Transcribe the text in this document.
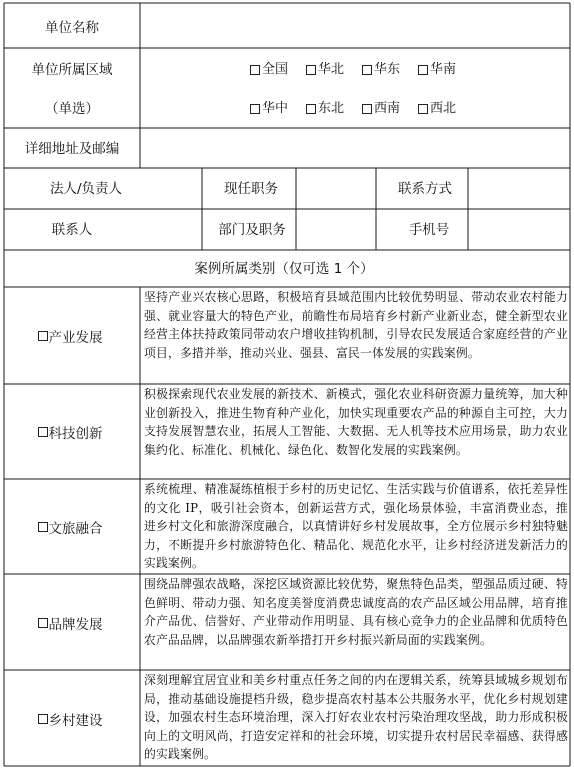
单位名称
单位所属区域
（单选）
全国 华北 华东 华南
华中 东北 西南 西北
详细地址及邮编
法人/负责人	现任职务	联系方式
联系人	部门及职务	手机号
案例所属类别（仅可选 1 个）
产业发展
坚持产业兴农核心思路，积极培育县域范围内比较优势明显、带动农业农村能力强、就业容量大的特色产业，前瞻性布局培育乡村新产业新业态，健全新型农业经营主体扶持政策同带动农户增收挂钩机制，引导农民发展适合家庭经营的产业项目，多措并举，推动兴业、强县、富民一体发展的实践案例。
科技创新
积极探索现代农业发展的新技术、新模式，强化农业科研资源力量统筹，加大种业创新投入，推进生物育种产业化，加快实现重要农产品的种源自主可控，大力支持发展智慧农业，拓展人工智能、大数据、无人机等技术应用场景，助力农业集约化、标准化、机械化、绿色化、数智化发展的实践案例。
文旅融合
系统梳理、精准凝练植根于乡村的历史记忆、生活实践与价值谱系，依托差异性的文化 IP，吸引社会资本，创新运营方式，强化场景体验，丰富消费业态，推进乡村文化和旅游深度融合，以真情讲好乡村发展故事，全方位展示乡村独特魅力，不断提升乡村旅游特色化、精品化、规范化水平，让乡村经济迸发新活力的实践案例。
品牌发展
围绕品牌强农战略，深挖区域资源比较优势，聚焦特色品类，塑强品质过硬、特色鲜明、带动力强、知名度美誉度消费忠诚度高的农产品区域公用品牌，培育推介产品优、信誉好、产业带动作用明显、具有核心竞争力的企业品牌和优质特色农产品品牌，以品牌强农新举措打开乡村振兴新局面的实践案例。
乡村建设
深刻理解宜居宜业和美乡村重点任务之间的内在逻辑关系，统筹县域城乡规划布局，推动基础设施提档升级，稳步提高农村基本公共服务水平，优化乡村规划建设，加强农村生态环境治理，深入打好农业农村污染治理攻坚战，助力形成积极向上的文明风尚，打造安定祥和的社会环境，切实提升农村居民幸福感、获得感的实践案例。
